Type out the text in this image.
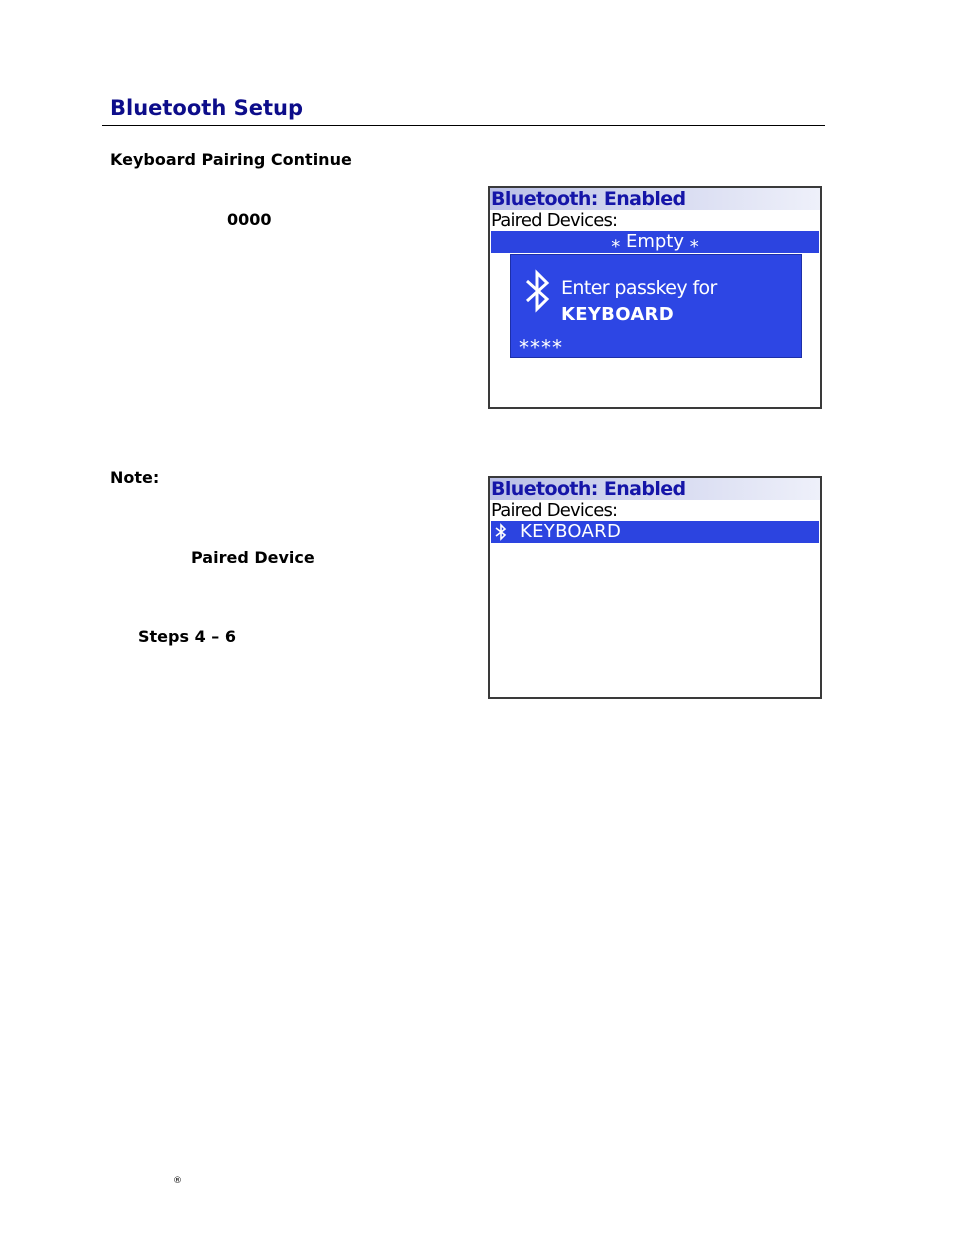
Bluetooth Setup
Keyboard Pairing Continue
0000
Bluetooth: Enabled
Paired Devices:
⁎ Empty ⁎
Enter passkey for
KEYBOARD
⁎⁎⁎⁎
Note:
Paired Device
Steps 4 – 6
Bluetooth: Enabled
Paired Devices:
KEYBOARD
®
